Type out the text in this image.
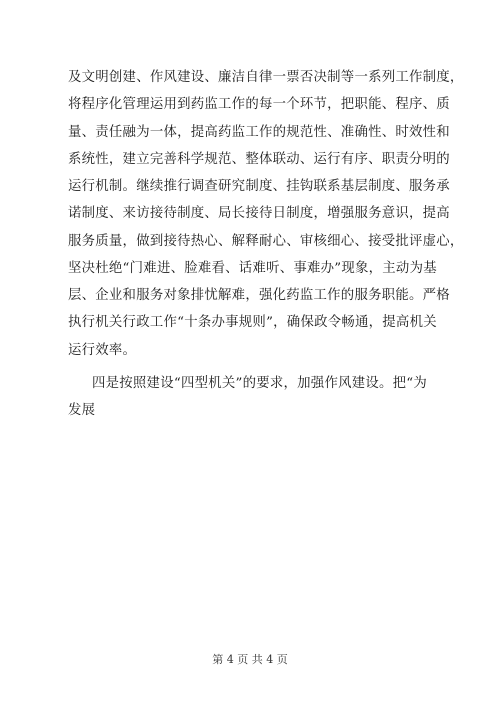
及文明创建、作风建设、廉洁自律一票否决制等一系列工作制度，
将程序化管理运用到药监工作的每一个环节，把职能、程序、质
量、责任融为一体，提高药监工作的规范性、准确性、时效性和
系统性，建立完善科学规范、整体联动、运行有序、职责分明的
运行机制。继续推行调查研究制度、挂钩联系基层制度、服务承
诺制度、来访接待制度、局长接待日制度，增强服务意识，提高
服务质量，做到接待热心、解释耐心、审核细心、接受批评虚心，
坚决杜绝“门难进、脸难看、话难听、事难办”现象，主动为基
层、企业和服务对象排忧解难，强化药监工作的服务职能。严格
执行机关行政工作“十条办事规则”，确保政令畅通，提高机关
运行效率。
四是按照建设“四型机关”的要求，加强作风建设。把“为
发展
第 4 页 共 4 页
